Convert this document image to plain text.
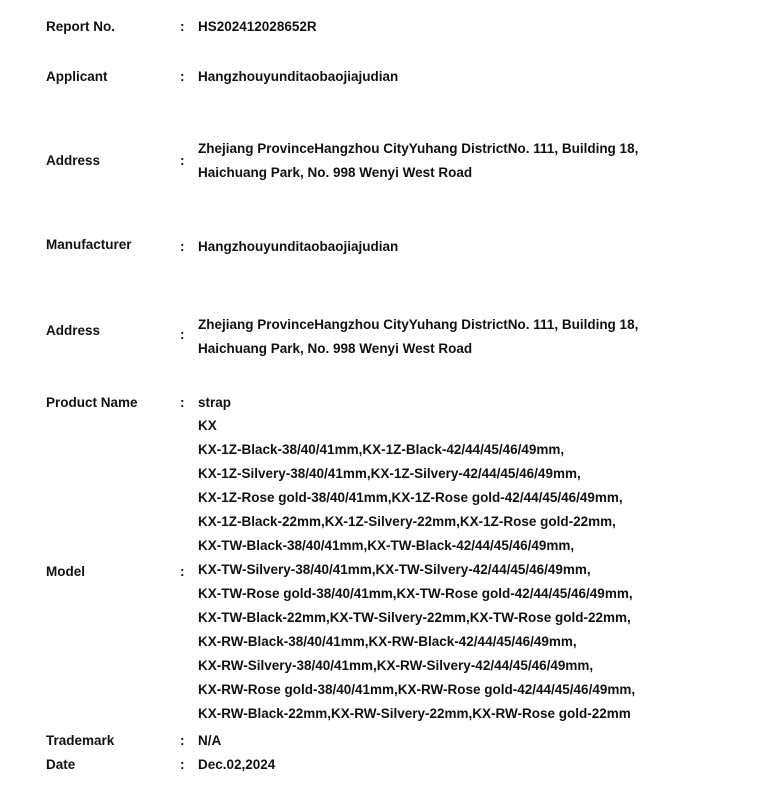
Report No.	: HS202412028652R
Applicant	: Hangzhouyunditaobaojiajudian
Address	:
Zhejiang ProvinceHangzhou CityYuhang DistrictNo. 111, Building 18,
Haichuang Park, No. 998 Wenyi West Road
Manufacturer	: Hangzhouyunditaobaojiajudian
Address	:
Zhejiang ProvinceHangzhou CityYuhang DistrictNo. 111, Building 18,
Haichuang Park, No. 998 Wenyi West Road
Product Name	: strap
Model	:
KX
KX-1Z-Black-38/40/41mm,KX-1Z-Black-42/44/45/46/49mm,
KX-1Z-Silvery-38/40/41mm,KX-1Z-Silvery-42/44/45/46/49mm,
KX-1Z-Rose gold-38/40/41mm,KX-1Z-Rose gold-42/44/45/46/49mm,
KX-1Z-Black-22mm,KX-1Z-Silvery-22mm,KX-1Z-Rose gold-22mm,
KX-TW-Black-38/40/41mm,KX-TW-Black-42/44/45/46/49mm,
KX-TW-Silvery-38/40/41mm,KX-TW-Silvery-42/44/45/46/49mm,
KX-TW-Rose gold-38/40/41mm,KX-TW-Rose gold-42/44/45/46/49mm,
KX-TW-Black-22mm,KX-TW-Silvery-22mm,KX-TW-Rose gold-22mm,
KX-RW-Black-38/40/41mm,KX-RW-Black-42/44/45/46/49mm,
KX-RW-Silvery-38/40/41mm,KX-RW-Silvery-42/44/45/46/49mm,
KX-RW-Rose gold-38/40/41mm,KX-RW-Rose gold-42/44/45/46/49mm,
KX-RW-Black-22mm,KX-RW-Silvery-22mm,KX-RW-Rose gold-22mm
Trademark	: N/A
Date	: Dec.02,2024
